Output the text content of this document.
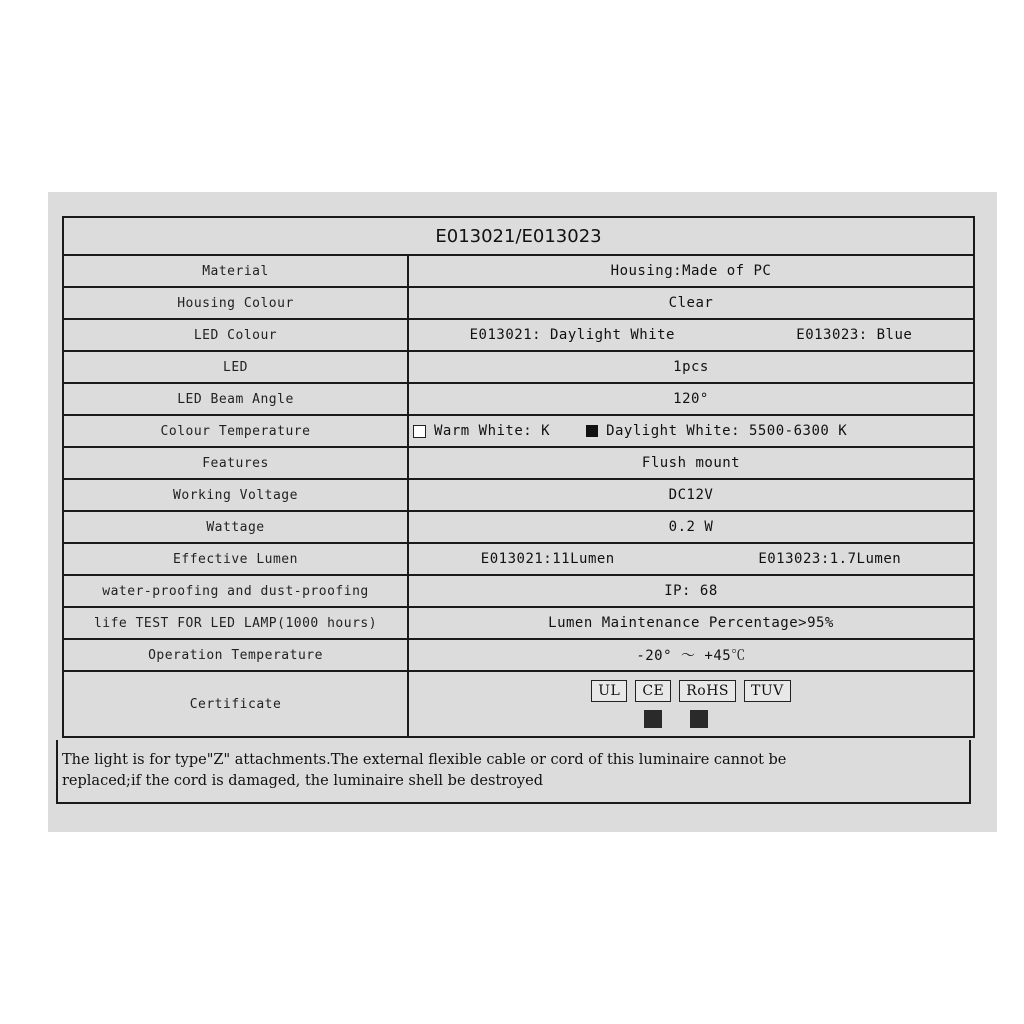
E013021/E013023
Material	Housing:Made of PC
Housing Colour	Clear
LED Colour	E013021: Daylight White	E013023: Blue
LED	1pcs
LED Beam Angle	120°
Colour Temperature	Warm White: K	Daylight White: 5500-6300 K
Features	Flush mount
Working Voltage	DC12V
Wattage	0.2 W
Effective Lumen	E013021:11Lumen	E013023:1.7Lumen
water-proofing and dust-proofing	IP: 68
life TEST FOR LED LAMP(1000 hours)	Lumen Maintenance Percentage>95%
Operation Temperature	-20° ～ +45℃
Certificate
UL	CE	RoHS	TUV
The light is for type"Z" attachments.The external flexible cable or cord of this luminaire cannot be
replaced;if the cord is damaged, the luminaire shell be destroyed
